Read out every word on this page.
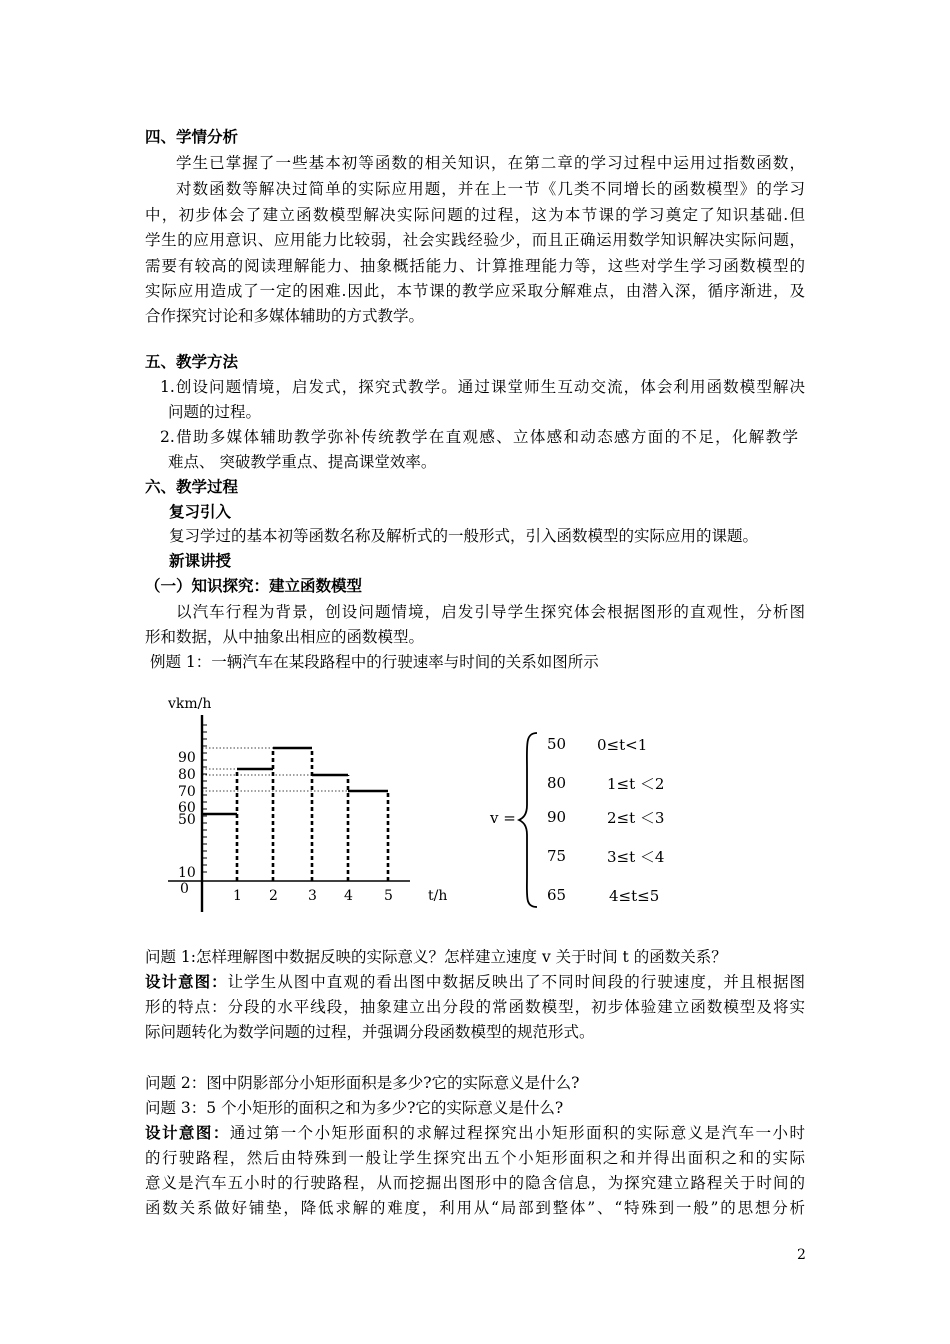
四、学情分析
学生已掌握了一些基本初等函数的相关知识，在第二章的学习过程中运用过指数函数，
对数函数等解决过简单的实际应用题，并在上一节《几类不同增长的函数模型》的学习
中，初步体会了建立函数模型解决实际问题的过程，这为本节课的学习奠定了知识基础.但
学生的应用意识、应用能力比较弱，社会实践经验少，而且正确运用数学知识解决实际问题，
需要有较高的阅读理解能力、抽象概括能力、计算推理能力等，这些对学生学习函数模型的
实际应用造成了一定的困难.因此，本节课的教学应采取分解难点，由潜入深，循序渐进，及
合作探究讨论和多媒体辅助的方式教学。
五、教学方法
1.创设问题情境，启发式，探究式教学。通过课堂师生互动交流，体会利用函数模型解决
问题的过程。
2.借助多媒体辅助教学弥补传统教学在直观感、立体感和动态感方面的不足，化解教学
难点、 突破教学重点、提高课堂效率。
六、教学过程
复习引入
复习学过的基本初等函数名称及解析式的一般形式，引入函数模型的实际应用的课题。
新课讲授
（一）知识探究：建立函数模型
以汽车行程为背景，创设问题情境，启发引导学生探究体会根据图形的直观性，分析图
形和数据，从中抽象出相应的函数模型。
例题 1：一辆汽车在某段路程中的行驶速率与时间的关系如图所示
vkm/h
t/h
0
90
80
70
60
50
10
1 2 3 4 5
v =
50 0≤t<1
80	1≤t ＜2
90	2≤t ＜3
75	3≤t ＜4
65	4≤t≤5
问题 1:怎样理解图中数据反映的实际意义？怎样建立速度 v 关于时间 t 的函数关系？
设计意图：让学生从图中直观的看出图中数据反映出了不同时间段的行驶速度，并且根据图
形的特点：分段的水平线段，抽象建立出分段的常函数模型，初步体验建立函数模型及将实
际问题转化为数学问题的过程，并强调分段函数模型的规范形式。
问题 2：图中阴影部分小矩形面积是多少?它的实际意义是什么?
问题 3：5 个小矩形的面积之和为多少?它的实际意义是什么?
设计意图：通过第一个小矩形面积的求解过程探究出小矩形面积的实际意义是汽车一小时
的行驶路程，然后由特殊到一般让学生探究出五个小矩形面积之和并得出面积之和的实际
意义是汽车五小时的行驶路程，从而挖掘出图形中的隐含信息，为探究建立路程关于时间的
函数关系做好铺垫，降低求解的难度，利用从“局部到整体”、“特殊到一般”的思想分析
2
